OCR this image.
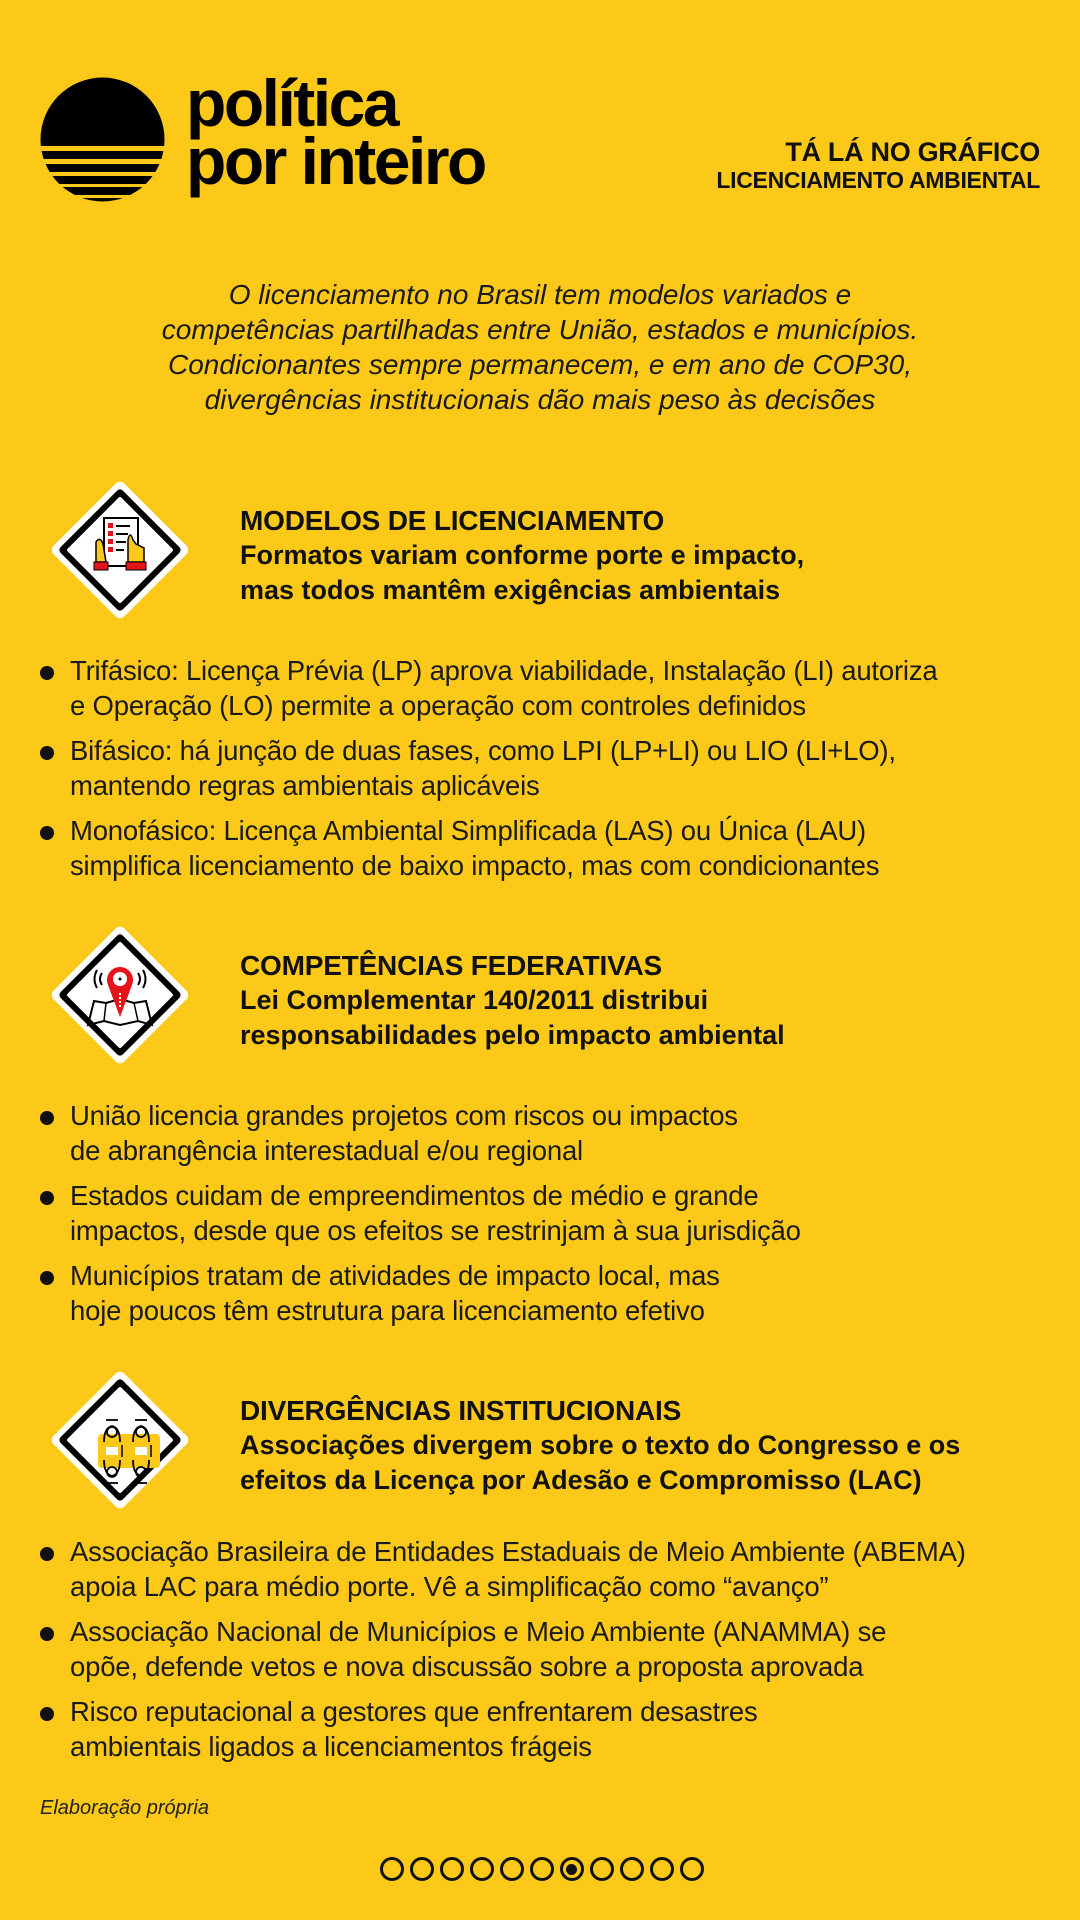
política
por inteiro	TÁ LÁ NO GRÁFICO
LICENCIAMENTO AMBIENTAL
O licenciamento no Brasil tem modelos variados e
competências partilhadas entre União, estados e municípios.
Condicionantes sempre permanecem, e em ano de COP30,
divergências institucionais dão mais peso às decisões
MODELOS DE LICENCIAMENTO
Formatos variam conforme porte e impacto,
mas todos mantêm exigências ambientais
Trifásico: Licença Prévia (LP) aprova viabilidade, Instalação (LI) autoriza
e Operação (LO) permite a operação com controles definidos
Bifásico: há junção de duas fases, como LPI (LP+LI) ou LIO (LI+LO),
mantendo regras ambientais aplicáveis
Monofásico: Licença Ambiental Simplificada (LAS) ou Única (LAU)
simplifica licenciamento de baixo impacto, mas com condicionantes
COMPETÊNCIAS FEDERATIVAS
Lei Complementar 140/2011 distribui
responsabilidades pelo impacto ambiental
União licencia grandes projetos com riscos ou impactos
de abrangência interestadual e/ou regional
Estados cuidam de empreendimentos de médio e grande
impactos, desde que os efeitos se restrinjam à sua jurisdição
Municípios tratam de atividades de impacto local, mas
hoje poucos têm estrutura para licenciamento efetivo
DIVERGÊNCIAS INSTITUCIONAIS
Associações divergem sobre o texto do Congresso e os
efeitos da Licença por Adesão e Compromisso (LAC)
Associação Brasileira de Entidades Estaduais de Meio Ambiente (ABEMA)
apoia LAC para médio porte. Vê a simplificação como “avanço”
Associação Nacional de Municípios e Meio Ambiente (ANAMMA) se
opõe, defende vetos e nova discussão sobre a proposta aprovada
Risco reputacional a gestores que enfrentarem desastres
ambientais ligados a licenciamentos frágeis
Elaboração própria
